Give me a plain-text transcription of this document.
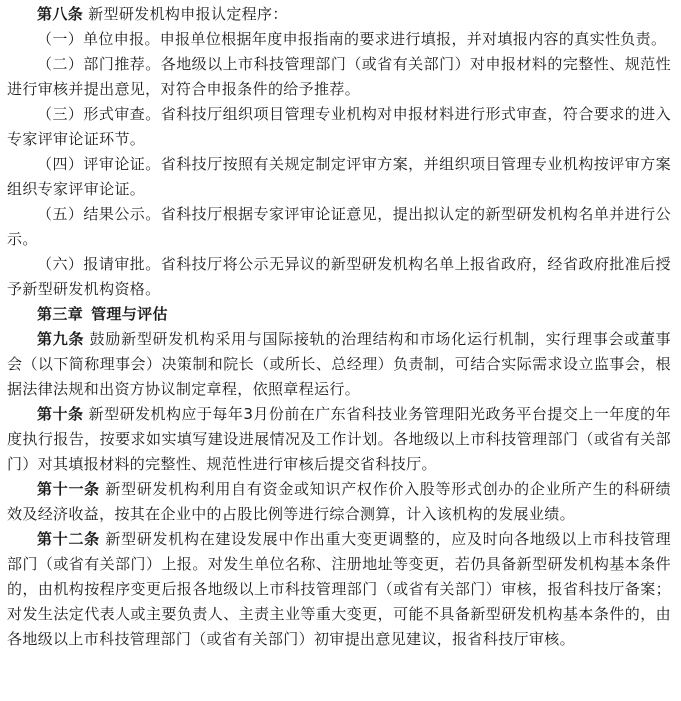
第八条 新型研发机构申报认定程序：

（一）单位申报。申报单位根据年度申报指南的要求进行填报，并对填报内容的真实性负责。

（二）部门推荐。各地级以上市科技管理部门（或省有关部门）对申报材料的完整性、规范性进行审核并提出意见，对符合申报条件的给予推荐。

（三）形式审查。省科技厅组织项目管理专业机构对申报材料进行形式审查，符合要求的进入专家评审论证环节。

（四）评审论证。省科技厅按照有关规定制定评审方案，并组织项目管理专业机构按评审方案组织专家评审论证。

（五）结果公示。省科技厅根据专家评审论证意见，提出拟认定的新型研发机构名单并进行公示。

（六）报请审批。省科技厅将公示无异议的新型研发机构名单上报省政府，经省政府批准后授予新型研发机构资格。

第三章 管理与评估

第九条 鼓励新型研发机构采用与国际接轨的治理结构和市场化运行机制，实行理事会或董事会（以下简称理事会）决策制和院长（或所长、总经理）负责制，可结合实际需求设立监事会，根据法律法规和出资方协议制定章程，依照章程运行。

第十条 新型研发机构应于每年3月份前在广东省科技业务管理阳光政务平台提交上一年度的年度执行报告，按要求如实填写建设进展情况及工作计划。各地级以上市科技管理部门（或省有关部门）对其填报材料的完整性、规范性进行审核后提交省科技厅。

第十一条 新型研发机构利用自有资金或知识产权作价入股等形式创办的企业所产生的科研绩效及经济收益，按其在企业中的占股比例等进行综合测算，计入该机构的发展业绩。

第十二条 新型研发机构在建设发展中作出重大变更调整的，应及时向各地级以上市科技管理部门（或省有关部门）上报。对发生单位名称、注册地址等变更，若仍具备新型研发机构基本条件的，由机构按程序变更后报各地级以上市科技管理部门（或省有关部门）审核，报省科技厅备案；对发生法定代表人或主要负责人、主责主业等重大变更，可能不具备新型研发机构基本条件的，由各地级以上市科技管理部门（或省有关部门）初审提出意见建议，报省科技厅审核。
